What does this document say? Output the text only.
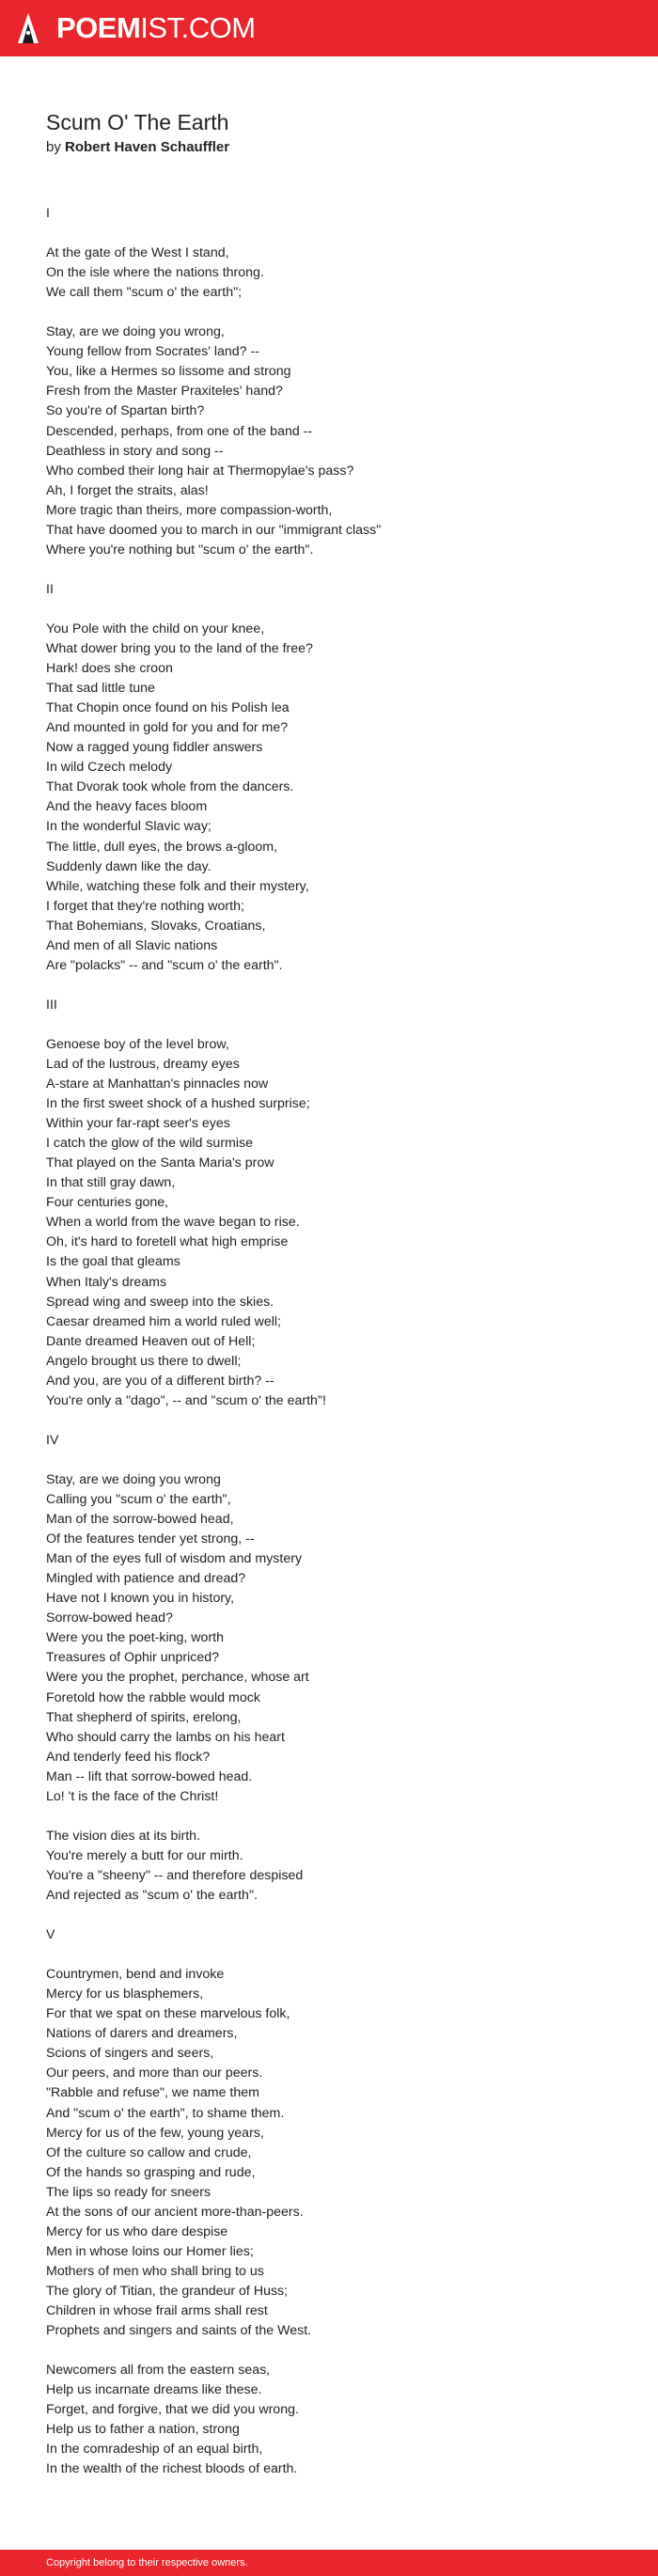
POEMIST.COM
Scum O' The Earth
by Robert Haven Schauffler
I
At the gate of the West I stand,
On the isle where the nations throng.
We call them "scum o' the earth";
Stay, are we doing you wrong,
Young fellow from Socrates' land? --
You, like a Hermes so lissome and strong
Fresh from the Master Praxiteles' hand?
So you're of Spartan birth?
Descended, perhaps, from one of the band --
Deathless in story and song --
Who combed their long hair at Thermopylae's pass?
Ah, I forget the straits, alas!
More tragic than theirs, more compassion-worth,
That have doomed you to march in our "immigrant class"
Where you're nothing but "scum o' the earth".
II
You Pole with the child on your knee,
What dower bring you to the land of the free?
Hark! does she croon
That sad little tune
That Chopin once found on his Polish lea
And mounted in gold for you and for me?
Now a ragged young fiddler answers
In wild Czech melody
That Dvorak took whole from the dancers.
And the heavy faces bloom
In the wonderful Slavic way;
The little, dull eyes, the brows a-gloom,
Suddenly dawn like the day.
While, watching these folk and their mystery,
I forget that they're nothing worth;
That Bohemians, Slovaks, Croatians,
And men of all Slavic nations
Are "polacks" -- and "scum o' the earth".
III
Genoese boy of the level brow,
Lad of the lustrous, dreamy eyes
A-stare at Manhattan's pinnacles now
In the first sweet shock of a hushed surprise;
Within your far-rapt seer's eyes
I catch the glow of the wild surmise
That played on the Santa Maria's prow
In that still gray dawn,
Four centuries gone,
When a world from the wave began to rise.
Oh, it's hard to foretell what high emprise
Is the goal that gleams
When Italy's dreams
Spread wing and sweep into the skies.
Caesar dreamed him a world ruled well;
Dante dreamed Heaven out of Hell;
Angelo brought us there to dwell;
And you, are you of a different birth? --
You're only a "dago", -- and "scum o' the earth"!
IV
Stay, are we doing you wrong
Calling you "scum o' the earth",
Man of the sorrow-bowed head,
Of the features tender yet strong, --
Man of the eyes full of wisdom and mystery
Mingled with patience and dread?
Have not I known you in history,
Sorrow-bowed head?
Were you the poet-king, worth
Treasures of Ophir unpriced?
Were you the prophet, perchance, whose art
Foretold how the rabble would mock
That shepherd of spirits, erelong,
Who should carry the lambs on his heart
And tenderly feed his flock?
Man -- lift that sorrow-bowed head.
Lo! 't is the face of the Christ!
The vision dies at its birth.
You're merely a butt for our mirth.
You're a "sheeny" -- and therefore despised
And rejected as "scum o' the earth".
V
Countrymen, bend and invoke
Mercy for us blasphemers,
For that we spat on these marvelous folk,
Nations of darers and dreamers,
Scions of singers and seers,
Our peers, and more than our peers.
"Rabble and refuse", we name them
And "scum o' the earth", to shame them.
Mercy for us of the few, young years,
Of the culture so callow and crude,
Of the hands so grasping and rude,
The lips so ready for sneers
At the sons of our ancient more-than-peers.
Mercy for us who dare despise
Men in whose loins our Homer lies;
Mothers of men who shall bring to us
The glory of Titian, the grandeur of Huss;
Children in whose frail arms shall rest
Prophets and singers and saints of the West.
Newcomers all from the eastern seas,
Help us incarnate dreams like these.
Forget, and forgive, that we did you wrong.
Help us to father a nation, strong
In the comradeship of an equal birth,
In the wealth of the richest bloods of earth.
Copyright belong to their respective owners.
